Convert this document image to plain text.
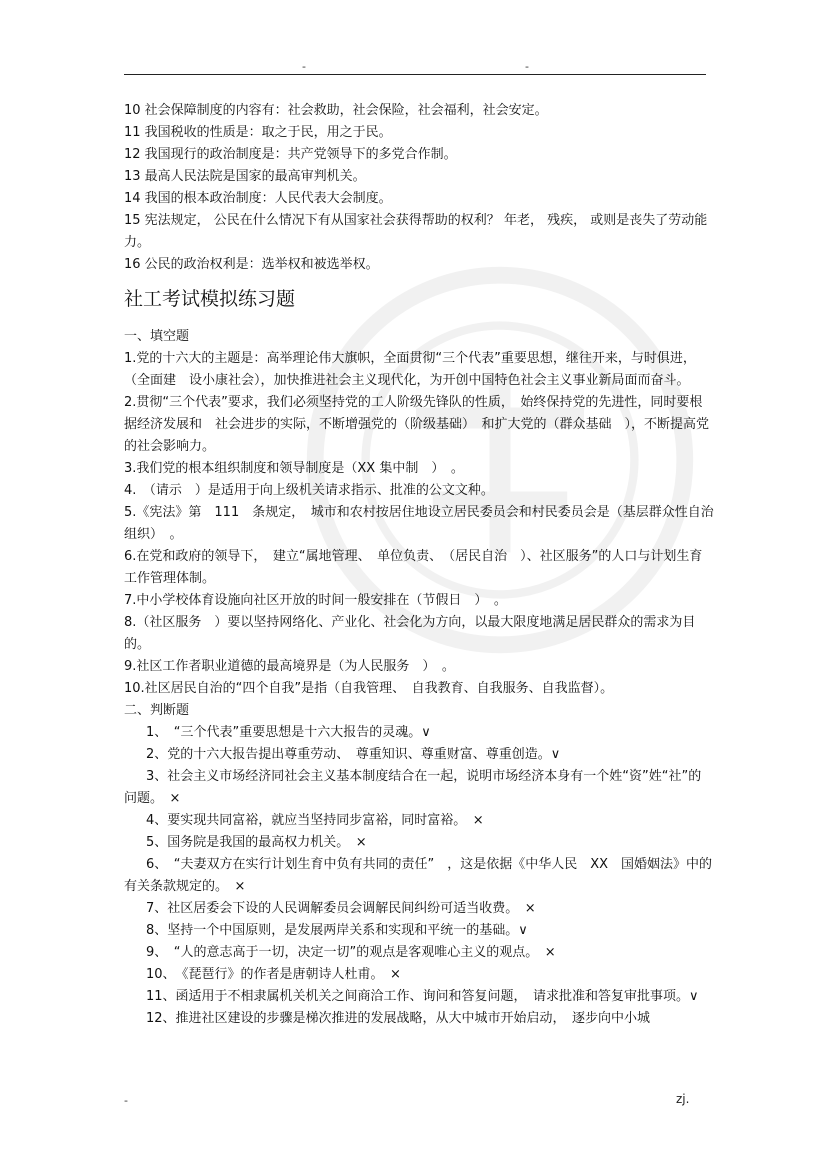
-	-
10 社会保障制度的内容有：社会救助，社会保险，社会福利，社会安定。
11 我国税收的性质是：取之于民，用之于民。
12 我国现行的政治制度是：共产党领导下的多党合作制。
13 最高人民法院是国家的最高审判机关。
14 我国的根本政治制度：人民代表大会制度。
15 宪法规定， 公民在什么情况下有从国家社会获得帮助的权利？ 年老， 残疾， 或则是丧失了劳动能力。
16 公民的政治权利是：选举权和被选举权。
社工考试模拟练习题
一、填空题
1.党的十六大的主题是：高举理论伟大旗帜，全面贯彻“三个代表”重要思想，继往开来，与时俱进，　（全面建　设小康社会），加快推进社会主义现代化，为开创中国特色社会主义事业新局面而奋斗。
2.贯彻“三个代表”要求，我们必须坚持党的工人阶级先锋队的性质，　始终保持党的先进性，同时要根据经济发展和　社会进步的实际，不断增强党的（阶级基础）　和扩大党的（群众基础　），不断提高党的社会影响力。
3.我们党的根本组织制度和领导制度是（XX 集中制　）　。
4.　（请示　）是适用于向上级机关请求指示、批准的公文文种。
5.《宪法》第　111　条规定，　城市和农村按居住地设立居民委员会和村民委员会是（基层群众性自治组织）　。
6.在党和政府的领导下，　建立“属地管理、　单位负责、　（居民自治　）、社区服务”的人口与计划生育工作管理体制。
7.中小学校体育设施向社区开放的时间一般安排在（节假日　）　。
8.（社区服务　）要以坚持网络化、产业化、社会化为方向，以最大限度地满足居民群众的需求为目的。
9.社区工作者职业道德的最高境界是（为人民服务　）　。
10.社区居民自治的“四个自我”是指（自我管理、　自我教育、自我服务、自我监督）。
二、判断题
1、　“三个代表”重要思想是十六大报告的灵魂。∨
2、党的十六大报告提出尊重劳动、　尊重知识、尊重财富、尊重创造。∨
3、社会主义市场经济同社会主义基本制度结合在一起，说明市场经济本身有一个姓“资”姓“社”的问题。　×
4、要实现共同富裕，就应当坚持同步富裕，同时富裕。　×
5、国务院是我国的最高权力机关。　×
6、　“夫妻双方在实行计划生育中负有共同的责任”　，这是依据《中华人民　XX　国婚姻法》中的有关条款规定的。　×
7、社区居委会下设的人民调解委员会调解民间纠纷可适当收费。　×
8、坚持一个中国原则，是发展两岸关系和实现和平统一的基础。∨
9、　“人的意志高于一切，决定一切”的观点是客观唯心主义的观点。　×
10、　《琵琶行》的作者是唐朝诗人杜甫。　×
11、函适用于不相隶属机关机关之间商洽工作、询问和答复问题，　请求批准和答复审批事项。∨
12、推进社区建设的步骤是梯次推进的发展战略，从大中城市开始启动，　逐步向中小城
-	zj.
